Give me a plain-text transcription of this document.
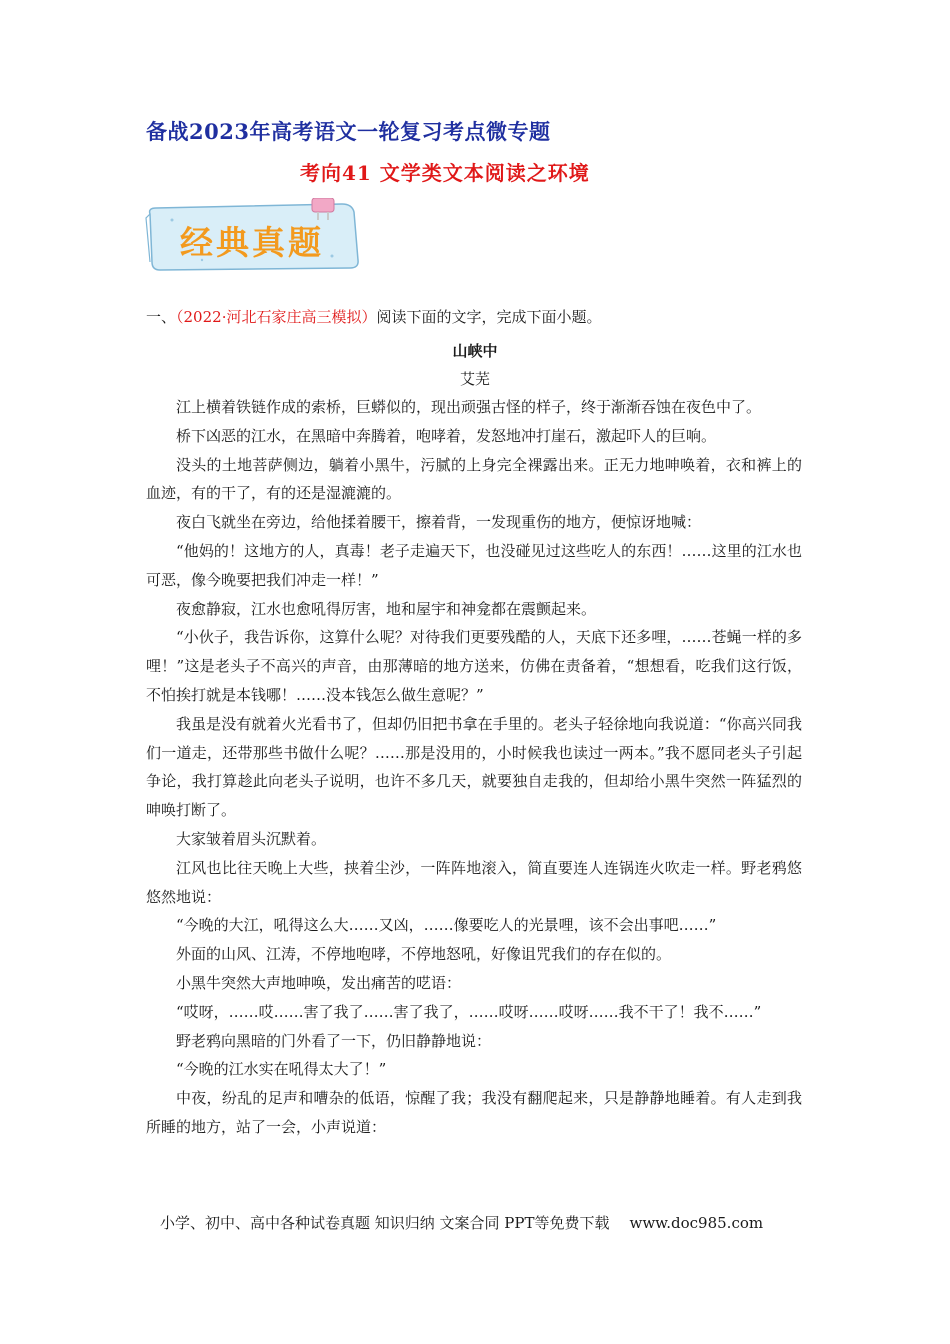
备战2023年高考语文一轮复习考点微专题
考向41 文学类文本阅读之环境
经典真题
一、（2022·河北石家庄高三模拟）阅读下面的文字，完成下面小题。
山峡中
艾芜

江上横着铁链作成的索桥，巨蟒似的，现出顽强古怪的样子，终于渐渐吞蚀在夜色中了。

桥下凶恶的江水，在黑暗中奔腾着，咆哮着，发怒地冲打崖石，激起吓人的巨响。

没头的土地菩萨侧边，躺着小黑牛，污腻的上身完全裸露出来。正无力地呻唤着，衣和裤上的血迹，有的干了，有的还是湿漉漉的。

夜白飞就坐在旁边，给他揉着腰干，擦着背，一发现重伤的地方，便惊讶地喊：

“他妈的！这地方的人，真毒！老子走遍天下，也没碰见过这些吃人的东西！……这里的江水也可恶，像今晚要把我们冲走一样！”

夜愈静寂，江水也愈吼得厉害，地和屋宇和神龛都在震颤起来。

“小伙子，我告诉你，这算什么呢？对待我们更要残酷的人，天底下还多哩，……苍蝇一样的多哩！”这是老头子不高兴的声音，由那薄暗的地方送来，仿佛在责备着，“想想看，吃我们这行饭，不怕挨打就是本钱哪！……没本钱怎么做生意呢？”

我虽是没有就着火光看书了，但却仍旧把书拿在手里的。老头子轻徐地向我说道：“你高兴同我们一道走，还带那些书做什么呢？……那是没用的，小时候我也读过一两本。”我不愿同老头子引起争论，我打算趁此向老头子说明，也许不多几天，就要独自走我的，但却给小黑牛突然一阵猛烈的呻唤打断了。

大家皱着眉头沉默着。

江风也比往天晚上大些，挟着尘沙，一阵阵地滚入，简直要连人连锅连火吹走一样。野老鸦悠悠然地说：

“今晚的大江，吼得这么大……又凶，……像要吃人的光景哩，该不会出事吧……”

外面的山风、江涛，不停地咆哮，不停地怒吼，好像诅咒我们的存在似的。

小黑牛突然大声地呻唤，发出痛苦的呓语：

“哎呀，……哎……害了我了……害了我了，……哎呀……哎呀……我不干了！我不……”

野老鸦向黑暗的门外看了一下，仍旧静静地说：

“今晚的江水实在吼得太大了！”

中夜，纷乱的足声和嘈杂的低语，惊醒了我；我没有翻爬起来，只是静静地睡着。有人走到我所睡的地方，站了一会，小声说道：

小学、初中、高中各种试卷真题 知识归纳 文案合同 PPT等免费下载 www.doc985.com
